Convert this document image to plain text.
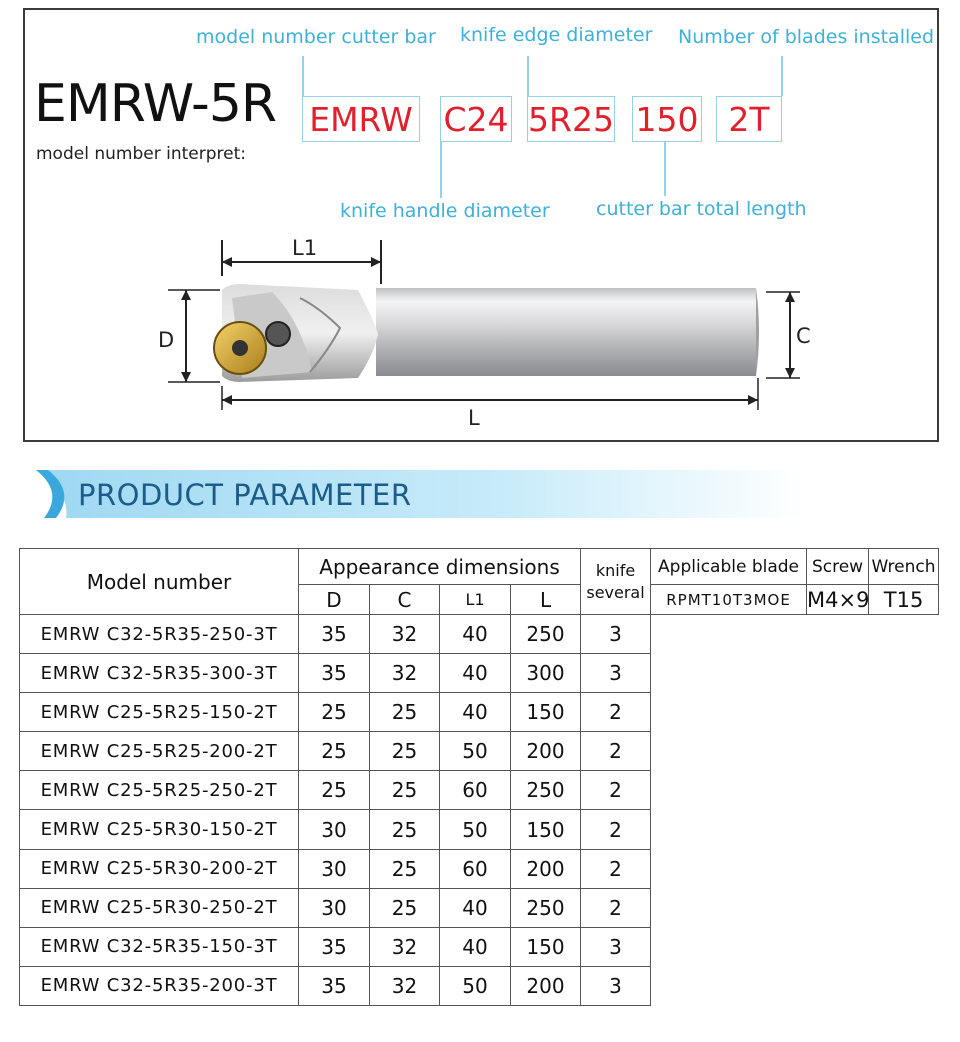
EMRW-5R
model number interpret:
model number cutter bar knife edge diameter Number of blades installed
knife handle diameter cutter bar total length
EMRW C24 5R25 150 2T
L1
D	C
L
PRODUCT PARAMETER
Model number	Appearance dimensions				knife several	Applicable blade	Screw	Wrench
	D	C	L1	L		RPMT10T3MOE	M4×9	T15
EMRW C32-5R35-250-3T	35	32	40	250	3			
EMRW C32-5R35-300-3T	35	32	40	300	3			
EMRW C25-5R25-150-2T	25	25	40	150	2			
EMRW C25-5R25-200-2T	25	25	50	200	2			
EMRW C25-5R25-250-2T	25	25	60	250	2			
EMRW C25-5R30-150-2T	30	25	50	150	2			
EMRW C25-5R30-200-2T	30	25	60	200	2			
EMRW C25-5R30-250-2T	30	25	40	250	2			
EMRW C32-5R35-150-3T	35	32	40	150	3			
EMRW C32-5R35-200-3T	35	32	50	200	3			
